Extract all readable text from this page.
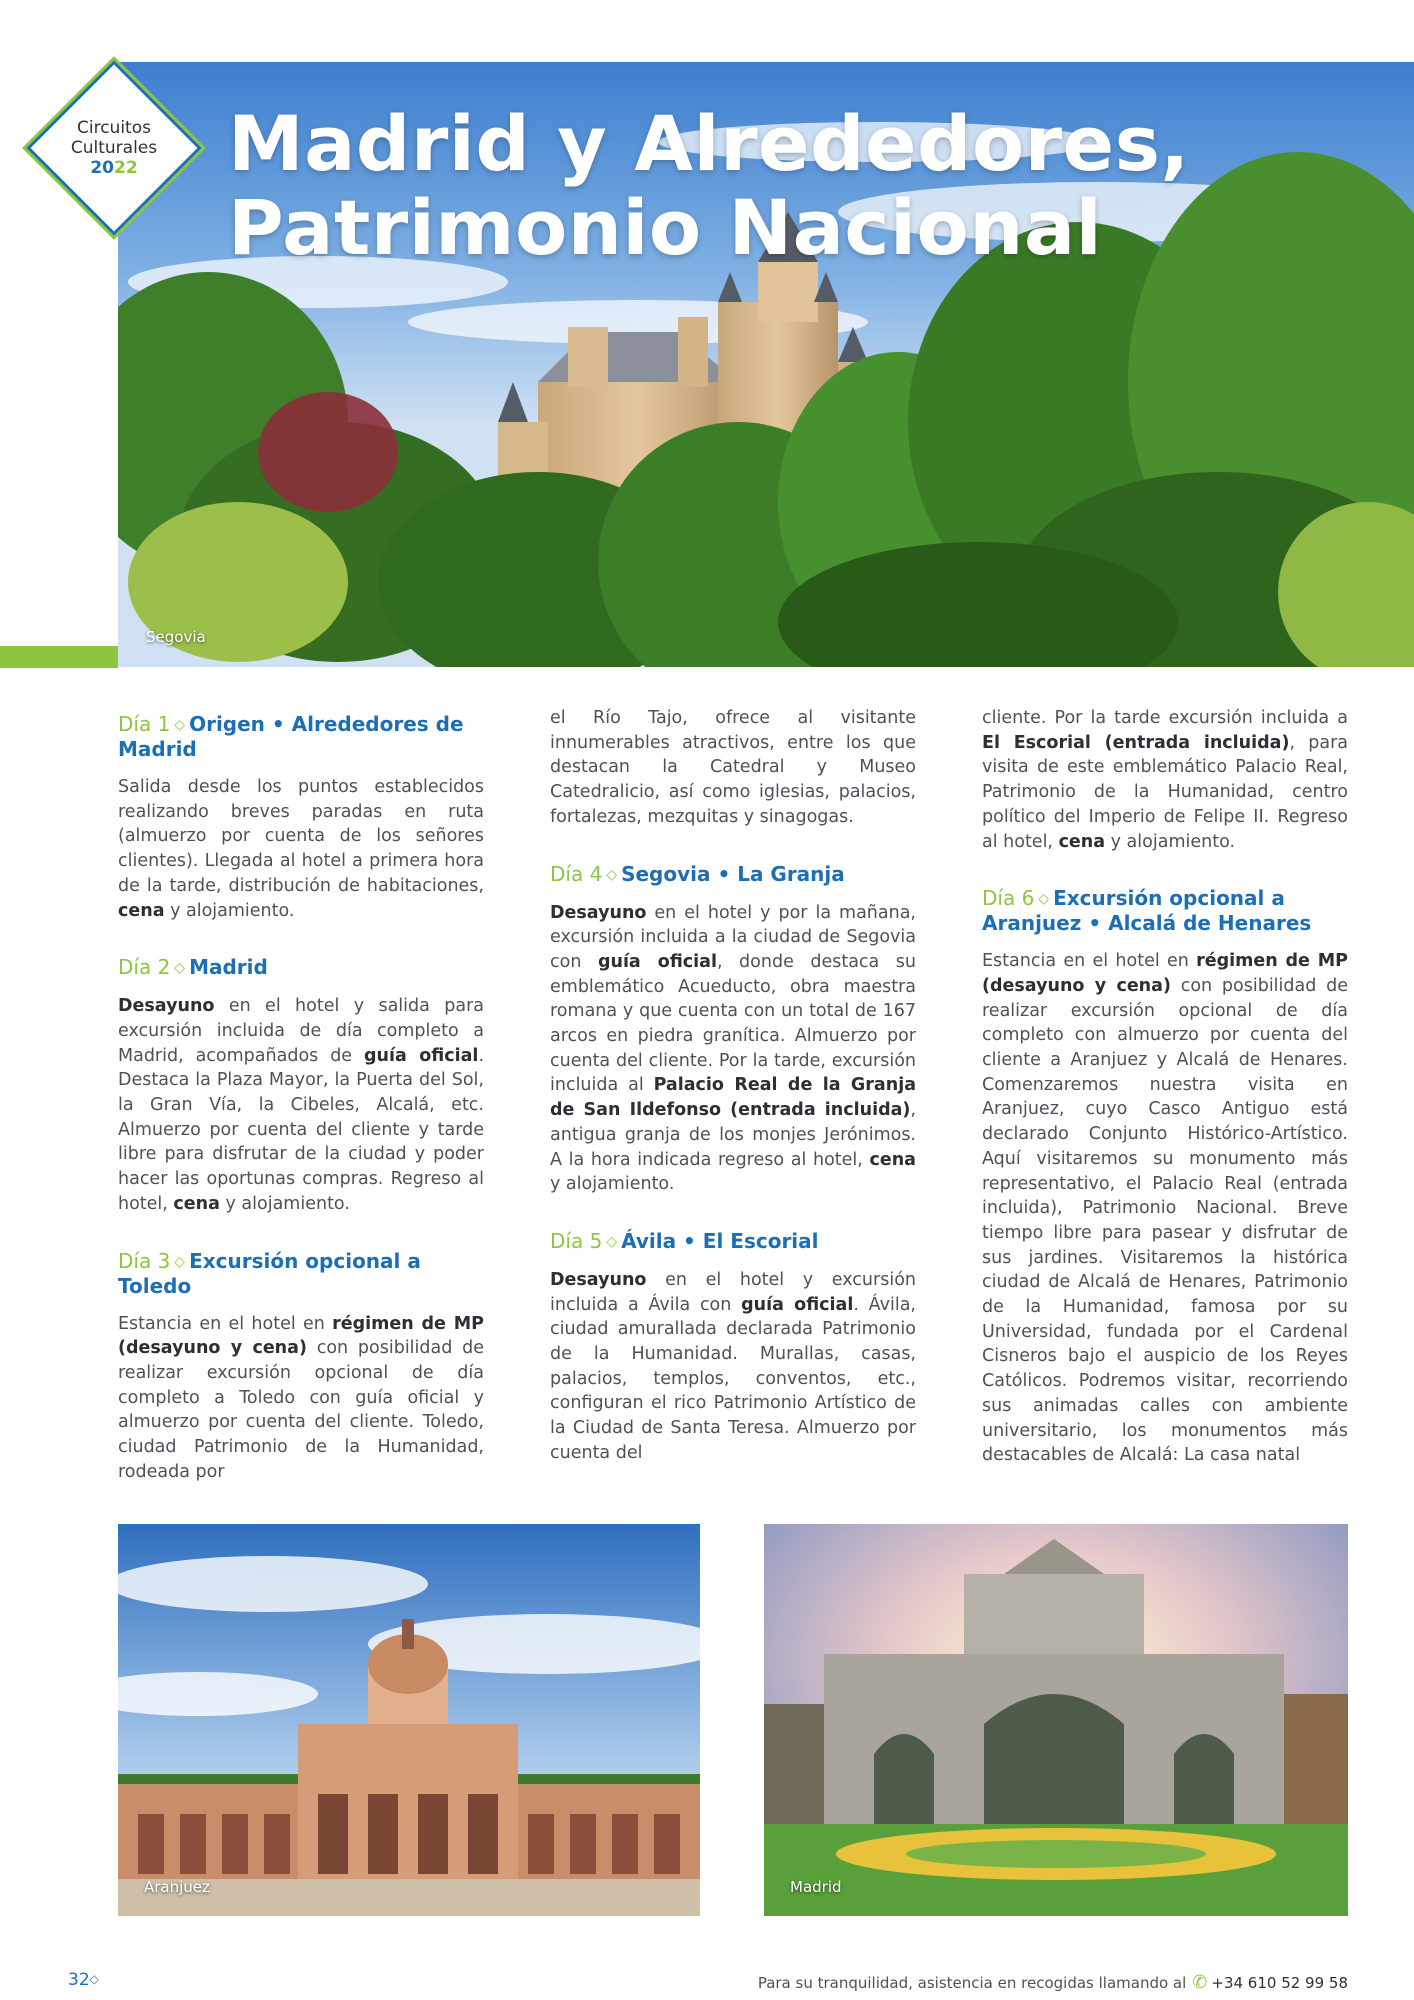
Madrid y Alrededores,
Patrimonio Nacional
Segovia
Circuitos
Culturales
2022
Día 1 ◇ Origen • Alrededores de Madrid

Salida desde los puntos establecidos realizando breves paradas en ruta (almuerzo por cuenta de los señores clientes). Llegada al hotel a primera hora de la tarde, distribución de habitaciones, cena y alojamiento.

Día 2 ◇ Madrid

Desayuno en el hotel y salida para excursión incluida de día completo a Madrid, acompañados de guía oficial. Destaca la Plaza Mayor, la Puerta del Sol, la Gran Vía, la Cibeles, Alcalá, etc. Almuerzo por cuenta del cliente y tarde libre para disfrutar de la ciudad y poder hacer las oportunas compras. Regreso al hotel, cena y alojamiento.

Día 3 ◇ Excursión opcional a Toledo

Estancia en el hotel en régimen de MP (desayuno y cena) con posibilidad de realizar excursión opcional de día completo a Toledo con guía oficial y almuerzo por cuenta del cliente. Toledo, ciudad Patrimonio de la Humanidad, rodeada por

el Río Tajo, ofrece al visitante innumerables atractivos, entre los que destacan la Catedral y Museo Catedralicio, así como iglesias, palacios, fortalezas, mezquitas y sinagogas.

Día 4 ◇ Segovia • La Granja

Desayuno en el hotel y por la mañana, excursión incluida a la ciudad de Segovia con guía oficial, donde destaca su emblemático Acueducto, obra maestra romana y que cuenta con un total de 167 arcos en piedra granítica. Almuerzo por cuenta del cliente. Por la tarde, excursión incluida al Palacio Real de la Granja de San Ildefonso (entrada incluida), antigua granja de los monjes Jerónimos. A la hora indicada regreso al hotel, cena y alojamiento.

Día 5 ◇ Ávila • El Escorial

Desayuno en el hotel y excursión incluida a Ávila con guía oficial. Ávila, ciudad amurallada declarada Patrimonio de la Humanidad. Murallas, casas, palacios, templos, conventos, etc., configuran el rico Patrimonio Artístico de la Ciudad de Santa Teresa. Almuerzo por cuenta del

cliente. Por la tarde excursión incluida a El Escorial (entrada incluida), para visita de este emblemático Palacio Real, Patrimonio de la Humanidad, centro político del Imperio de Felipe II. Regreso al hotel, cena y alojamiento.

Día 6 ◇ Excursión opcional a Aranjuez • Alcalá de Henares

Estancia en el hotel en régimen de MP (desayuno y cena) con posibilidad de realizar excursión opcional de día completo con almuerzo por cuenta del cliente a Aranjuez y Alcalá de Henares. Comenzaremos nuestra visita en Aranjuez, cuyo Casco Antiguo está declarado Conjunto Histórico-Artístico. Aquí visitaremos su monumento más representativo, el Palacio Real (entrada incluida), Patrimonio Nacional. Breve tiempo libre para pasear y disfrutar de sus jardines. Visitaremos la histórica ciudad de Alcalá de Henares, Patrimonio de la Humanidad, famosa por su Universidad, fundada por el Cardenal Cisneros bajo el auspicio de los Reyes Católicos. Podremos visitar, recorriendo sus animadas calles con ambiente universitario, los monumentos más destacables de Alcalá: La casa natal

Aranjuez	Madrid
32◇	Para su tranquilidad, asistencia en recogidas llamando al ✆ +34 610 52 99 58
